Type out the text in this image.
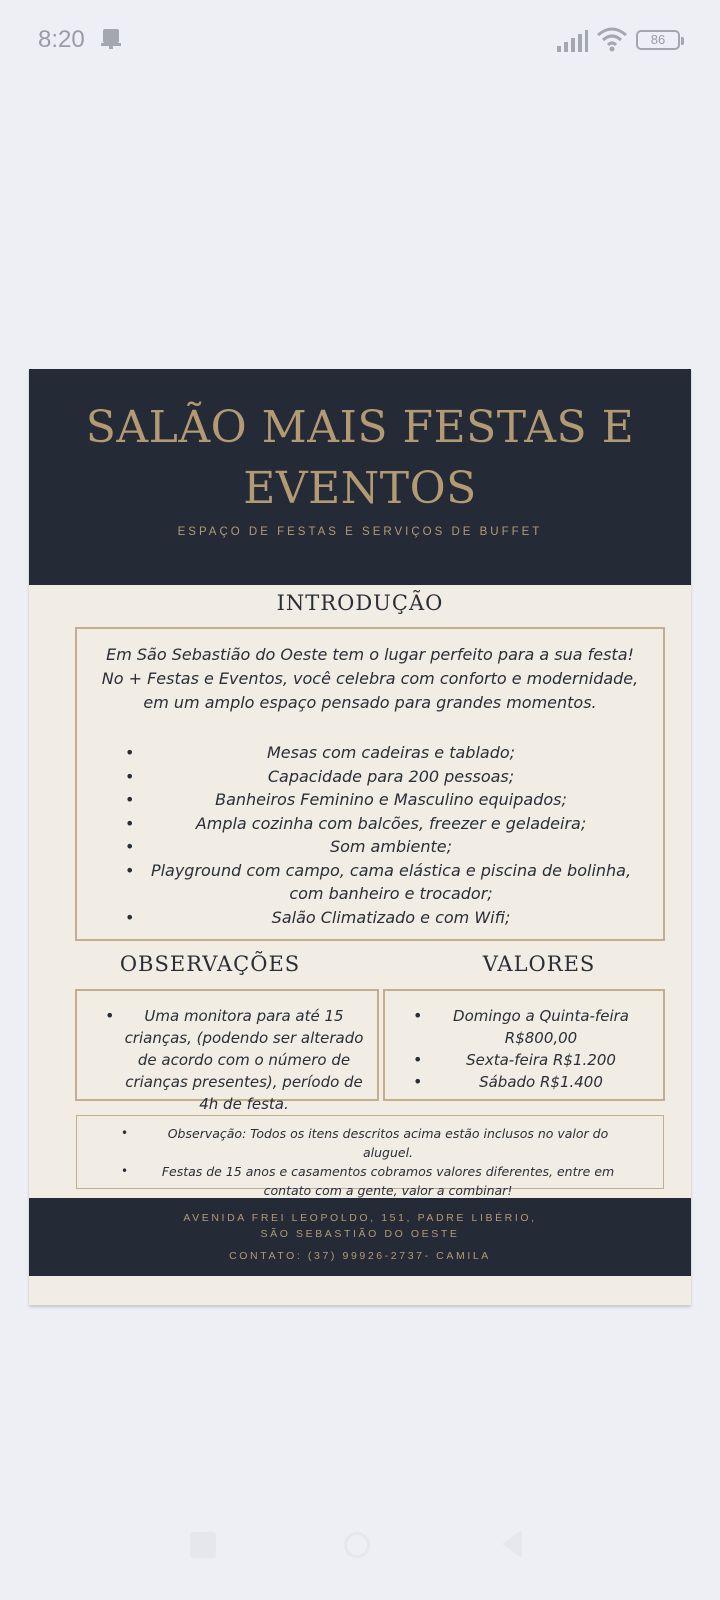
8:20	86
SALÃO MAIS FESTAS E EVENTOS
ESPAÇO DE FESTAS E SERVIÇOS DE BUFFET
INTRODUÇÃO
Em São Sebastião do Oeste tem o lugar perfeito para a sua festa! No + Festas e Eventos, você celebra com conforto e modernidade, em um amplo espaço pensado para grandes momentos.
•	Mesas com cadeiras e tablado;
•	Capacidade para 200 pessoas;
•	Banheiros Feminino e Masculino equipados;
•	Ampla cozinha com balcões, freezer e geladeira;
•	Som ambiente;
• Playground com campo, cama elástica e piscina de bolinha, com banheiro e trocador;
•	Salão Climatizado e com Wifi;
OBSERVAÇÕES	VALORES
• Uma monitora para até 15 crianças, (podendo ser alterado de acordo com o número de crianças presentes), período de 4h de festa.
• Domingo a Quinta-feira R$800,00
•	Sexta-feira R$1.200
•	Sábado R$1.400
•	Observação: Todos os itens descritos acima estão inclusos no valor do aluguel.
•	Festas de 15 anos e casamentos cobramos valores diferentes, entre em contato com a gente, valor a combinar!
AVENIDA FREI LEOPOLDO, 151, PADRE LIBÉRIO,
SÃO SEBASTIÃO DO OESTE
CONTATO: (37) 99926-2737- CAMILA
